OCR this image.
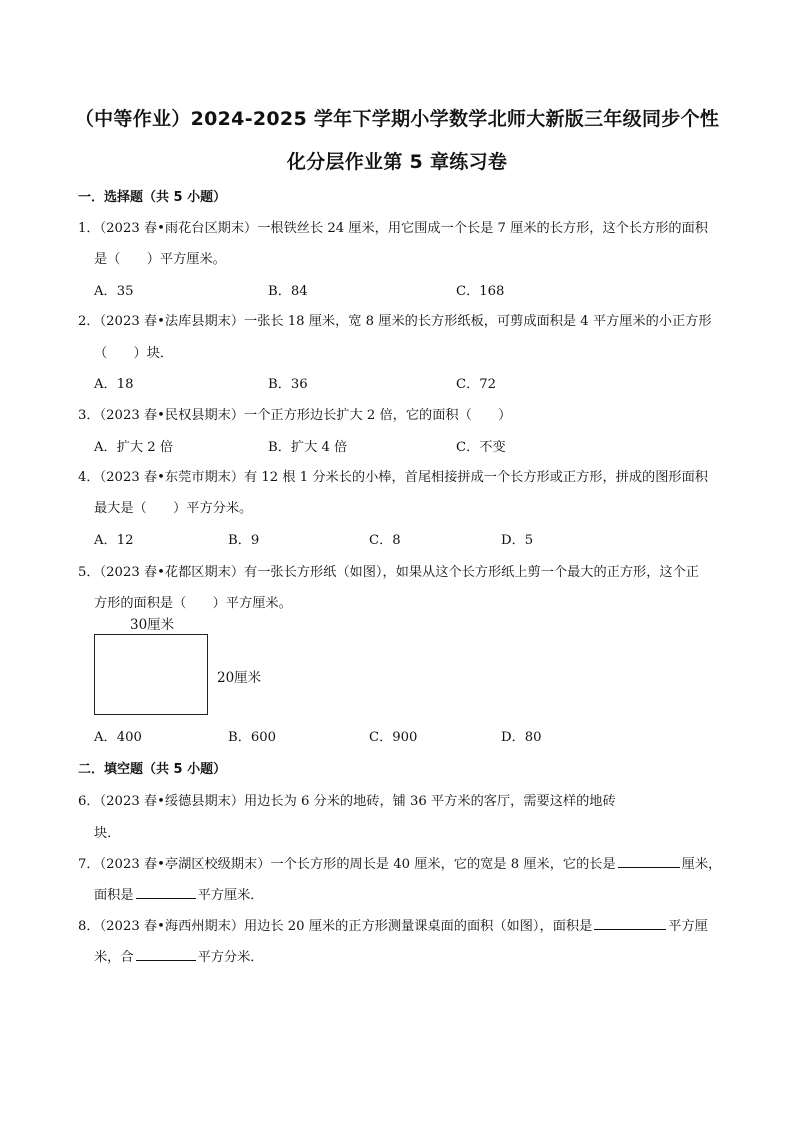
（中等作业）2024-2025 学年下学期小学数学北师大新版三年级同步个性
化分层作业第 5 章练习卷
一．选择题（共 5 小题）
1．（2023 春•雨花台区期末）一根铁丝长 24 厘米，用它围成一个长是 7 厘米的长方形，这个长方形的面积
是（　　）平方厘米。
A．35	B．84	C．168
2．（2023 春•法库县期末）一张长 18 厘米，宽 8 厘米的长方形纸板，可剪成面积是 4 平方厘米的小正方形
（　　）块．
A．18	B．36	C．72
3．（2023 春•民权县期末）一个正方形边长扩大 2 倍，它的面积（　　）
A．扩大 2 倍	B．扩大 4 倍	C．不变
4．（2023 春•东莞市期末）有 12 根 1 分米长的小棒，首尾相接拼成一个长方形或正方形，拼成的图形面积
最大是（　　）平方分米。
A．12	B．9	C．8	D．5
5．（2023 春•花都区期末）有一张长方形纸（如图），如果从这个长方形纸上剪一个最大的正方形，这个正
方形的面积是（　　）平方厘米。
30厘米
20厘米
A．400	B．600	C．900	D．80
二．填空题（共 5 小题）
6．（2023 春•绥德县期末）用边长为 6 分米的地砖，铺 36 平方米的客厅，需要这样的地砖
块．
7．（2023 春•亭湖区校级期末）一个长方形的周长是 40 厘米，它的宽是 8 厘米，它的长是	厘米，
面积是	平方厘米．
8．（2023 春•海西州期末）用边长 20 厘米的正方形测量课桌面的面积（如图），面积是	平方厘
米，合	平方分米．
